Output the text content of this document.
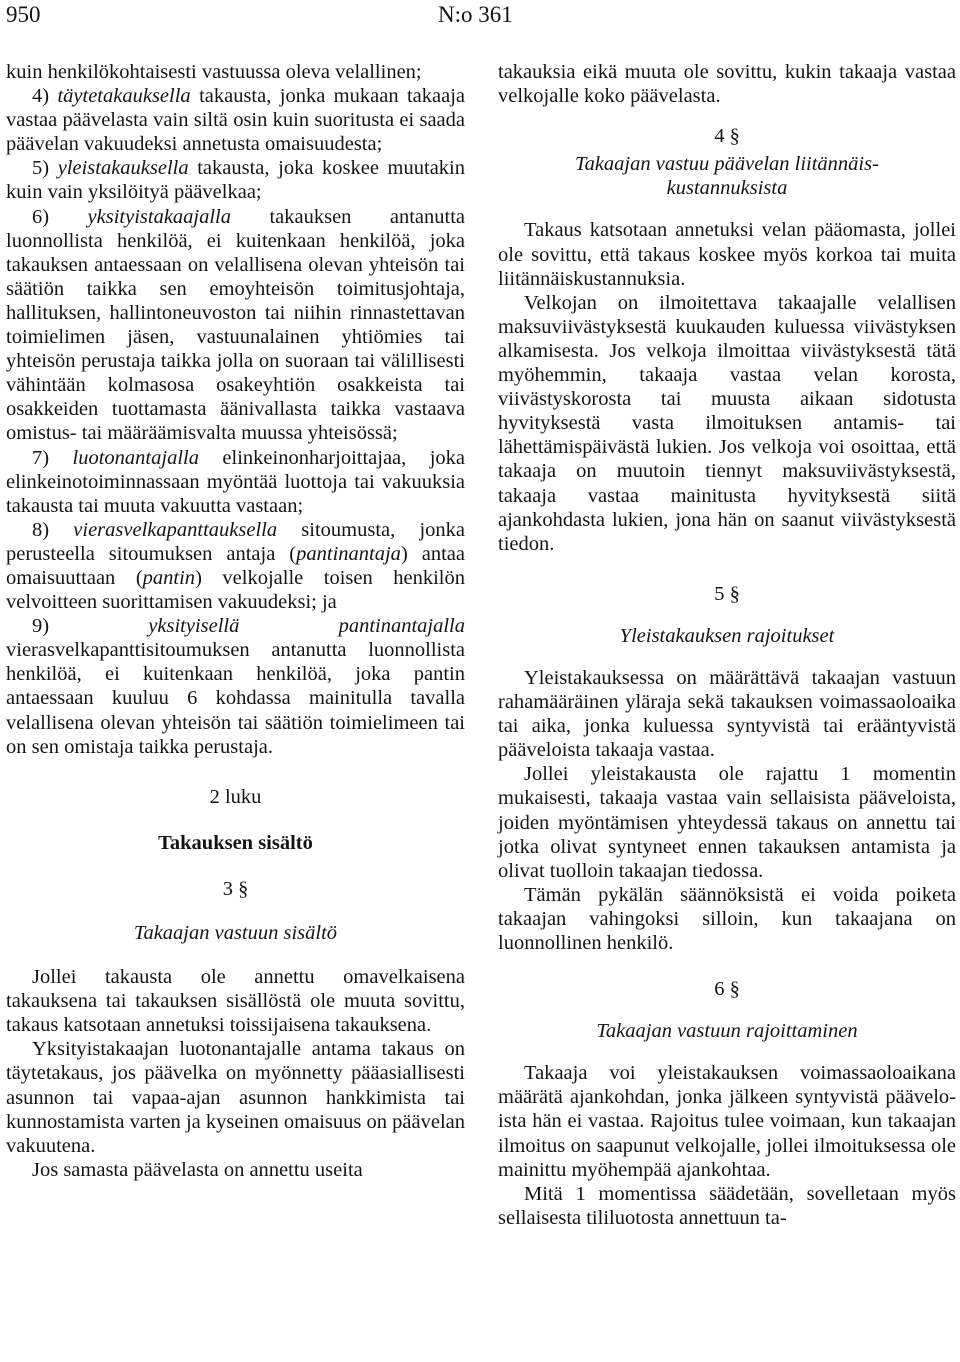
950	N:o 361

kuin henkilökohtaisesti vastuussa oleva velallinen;

4) täytetakauksella takausta, jonka mukaan takaaja vastaa päävelasta vain siltä osin kuin suoritusta ei saada päävelan vakuudeksi annetusta omaisuudesta;

5) yleistakauksella takausta, joka koskee muutakin kuin vain yksilöityä päävelkaa;

6) yksityistakaajalla takauksen antanutta luonnollista henkilöä, ei kuitenkaan henkilöä, joka takauksen antaessaan on velallisena olevan yhteisön tai säätiön taikka sen emoyhteisön toimitusjohtaja, hallituksen, hallintoneuvoston tai niihin rinnastettavan toimielimen jäsen, vastuunalainen yhtiömies tai yhteisön perustaja taikka jolla on suoraan tai välillisesti vähintään kolmasosa osakeyhtiön osakkeista tai osakkeiden tuottamasta äänivallasta taikka vastaava omistus- tai määräämisvalta muussa yhteisössä;

7) luotonantajalla elinkeinonharjoittajaa, joka elinkeinotoiminnassaan myöntää luottoja tai vakuuksia takausta tai muuta vakuutta vastaan;

8) vierasvelkapanttauksella sitoumusta, jonka perusteella sitoumuksen antaja (pantinantaja) antaa omaisuuttaan (pantin) velkojalle toisen henkilön velvoitteen suorittamisen vakuudeksi; ja

9) yksityisellä pantinantajalla vierasvelkapanttisitoumuksen antanutta luonnollista henkilöä, ei kuitenkaan henkilöä, joka pantin antaessaan kuuluu 6 kohdassa mainitulla tavalla velallisena olevan yhteisön tai säätiön toimielimeen tai on sen omistaja taikka perustaja.

2 luku

Takauksen sisältö

3 §

Takaajan vastuun sisältö

Jollei takausta ole annettu omavelkaisena takauksena tai takauksen sisällöstä ole muuta sovittu, takaus katsotaan annetuksi toissijaisena takauksena.

Yksityistakaajan luotonantajalle antama takaus on täytetakaus, jos päävelka on myönnetty pääasiallisesti asunnon tai vapaa-ajan asunnon hankkimista tai kunnostamista varten ja kyseinen omaisuus on päävelan vakuutena.

Jos samasta päävelasta on annettu useita

takauksia eikä muuta ole sovittu, kukin takaaja vastaa velkojalle koko päävelasta.

4 §

Takaajan vastuu päävelan liitännäis-
kustannuksista

Takaus katsotaan annetuksi velan pääomasta, jollei ole sovittu, että takaus koskee myös korkoa tai muita liitännäiskustannuksia.

Velkojan on ilmoitettava takaajalle velallisen maksuviivästyksestä kuukauden kuluessa viivästyksen alkamisesta. Jos velkoja ilmoittaa viivästyksestä tätä myöhemmin, takaaja vastaa velan korosta, viivästyskorosta tai muusta aikaan sidotusta hyvityksestä vasta ilmoituksen antamis- tai lähettämispäivästä lukien. Jos velkoja voi osoittaa, että takaaja on muutoin tiennyt maksuviivästyksestä, takaaja vastaa mainitusta hyvityksestä siitä ajankohdasta lukien, jona hän on saanut viivästyksestä tiedon.

5 §

Yleistakauksen rajoitukset

Yleistakauksessa on määrättävä takaajan vastuun rahamääräinen yläraja sekä takauksen voimassaoloaika tai aika, jonka kuluessa syntyvistä tai erääntyvistä pääveloista takaaja vastaa.

Jollei yleistakausta ole rajattu 1 momentin mukaisesti, takaaja vastaa vain sellaisista pääveloista, joiden myöntämisen yhteydessä takaus on annettu tai jotka olivat syntyneet ennen takauksen antamista ja olivat tuolloin takaajan tiedossa.

Tämän pykälän säännöksistä ei voida poiketa takaajan vahingoksi silloin, kun takaajana on luonnollinen henkilö.

6 §

Takaajan vastuun rajoittaminen

Takaaja voi yleistakauksen voimassaoloaikana määrätä ajankohdan, jonka jälkeen syntyvistä pääveloista hän ei vastaa. Rajoitus tulee voimaan, kun takaajan ilmoitus on saapunut velkojalle, jollei ilmoituksessa ole mainittu myöhempää ajankohtaa.

Mitä 1 momentissa säädetään, sovelletaan myös sellaisesta tililuotosta annettuun ta-
